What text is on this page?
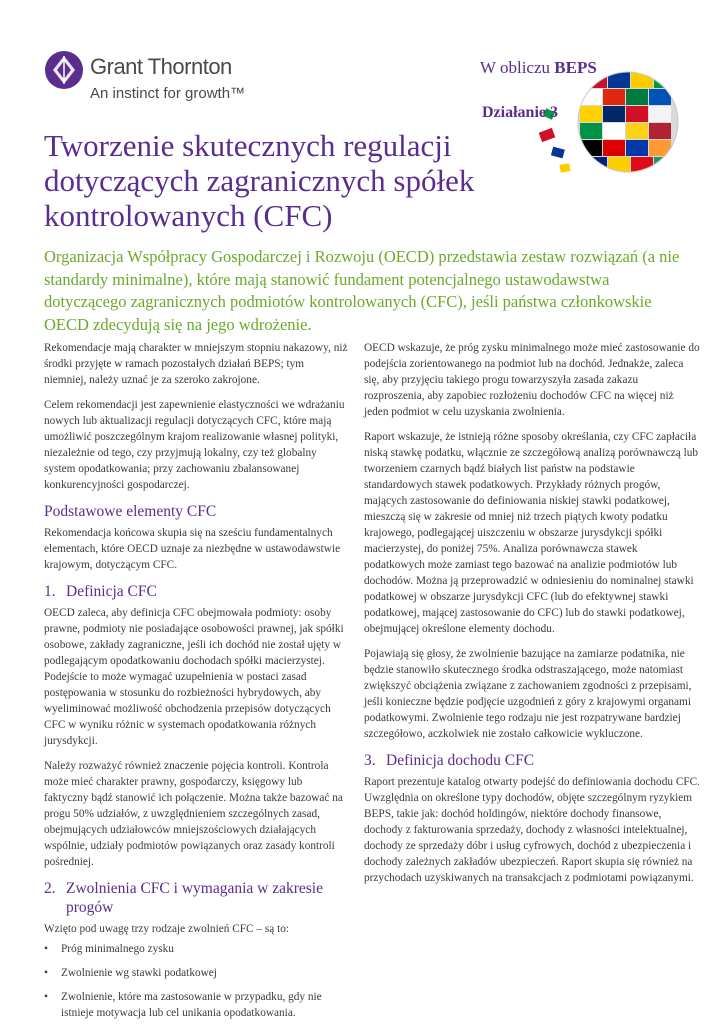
Grant Thornton
An instinct for growth™
W obliczu BEPS
Działanie 3
Tworzenie skutecznych regulacji dotyczących zagranicznych spółek kontrolowanych (CFC)

Organizacja Współpracy Gospodarczej i Rozwoju (OECD) przedstawia zestaw rozwiązań (a nie standardy minimalne), które mają stanowić fundament potencjalnego ustawodawstwa dotyczącego zagranicznych podmiotów kontrolowanych (CFC), jeśli państwa członkowskie OECD zdecydują się na jego wdrożenie.

Rekomendacje mają charakter w mniejszym stopniu nakazowy, niż środki przyjęte w ramach pozostałych działań BEPS; tym niemniej, należy uznać je za szeroko zakrojone.

Celem rekomendacji jest zapewnienie elastyczności we wdrażaniu nowych lub aktualizacji regulacji dotyczących CFC, które mają umożliwić poszczególnym krajom realizowanie własnej polityki, niezależnie od tego, czy przyjmują lokalny, czy też globalny system opodatkowania; przy zachowaniu zbalansowanej konkurencyjności gospodarczej.

Podstawowe elementy CFC

Rekomendacja końcowa skupia się na sześciu fundamentalnych elementach, które OECD uznaje za niezbędne w ustawodawstwie krajowym, dotyczącym CFC.

1. Definicja CFC

OECD zaleca, aby definicja CFC obejmowała podmioty: osoby prawne, podmioty nie posiadające osobowości prawnej, jak spółki osobowe, zakłady zagraniczne, jeśli ich dochód nie został ujęty w podlegającym opodatkowaniu dochodach spółki macierzystej. Podejście to może wymagać uzupełnienia w postaci zasad postępowania w stosunku do rozbieżności hybrydowych, aby wyeliminować możliwość obchodzenia przepisów dotyczących CFC w wyniku różnic w systemach opodatkowania różnych jurysdykcji.

Należy rozważyć również znaczenie pojęcia kontroli. Kontrola może mieć charakter prawny, gospodarczy, księgowy lub faktyczny bądź stanowić ich połączenie. Można także bazować na progu 50% udziałów, z uwzględnieniem szczególnych zasad, obejmujących udziałowców mniejszościowych działających wspólnie, udziały podmiotów powiązanych oraz zasady kontroli pośredniej.

2. Zwolnienia CFC i wymagania w zakresie progów

Wzięto pod uwagę trzy rodzaje zwolnień CFC – są to:

• Próg minimalnego zysku
• Zwolnienie wg stawki podatkowej
• Zwolnienie, które ma zastosowanie w przypadku, gdy nie istnieje motywacja lub cel unikania opodatkowania.

OECD wskazuje, że próg zysku minimalnego może mieć zastosowanie do podejścia zorientowanego na podmiot lub na dochód. Jednakże, zaleca się, aby przyjęciu takiego progu towarzyszyła zasada zakazu rozproszenia, aby zapobiec rozłożeniu dochodów CFC na więcej niż jeden podmiot w celu uzyskania zwolnienia.

Raport wskazuje, że istnieją różne sposoby określania, czy CFC zapłaciła niską stawkę podatku, włącznie ze szczegółową analizą porównawczą lub tworzeniem czarnych bądź białych list państw na podstawie standardowych stawek podatkowych. Przykłady różnych progów, mających zastosowanie do definiowania niskiej stawki podatkowej, mieszczą się w zakresie od mniej niż trzech piątych kwoty podatku krajowego, podlegającej uiszczeniu w obszarze jurysdykcji spółki macierzystej, do poniżej 75%. Analiza porównawcza stawek podatkowych może zamiast tego bazować na analizie podmiotów lub dochodów. Można ją przeprowadzić w odniesieniu do nominalnej stawki podatkowej w obszarze jurysdykcji CFC (lub do efektywnej stawki podatkowej, mającej zastosowanie do CFC) lub do stawki podatkowej, obejmującej określone elementy dochodu.

Pojawiają się głosy, że zwolnienie bazujące na zamiarze podatnika, nie będzie stanowiło skutecznego środka odstraszającego, może natomiast zwiększyć obciążenia związane z zachowaniem zgodności z przepisami, jeśli konieczne będzie podjęcie uzgodnień z góry z krajowymi organami podatkowymi. Zwolnienie tego rodzaju nie jest rozpatrywane bardziej szczegółowo, aczkolwiek nie zostało całkowicie wykluczone.

3. Definicja dochodu CFC

Raport prezentuje katalog otwarty podejść do definiowania dochodu CFC. Uwzględnia on określone typy dochodów, objęte szczególnym ryzykiem BEPS, takie jak: dochód holdingów, niektóre dochody finansowe, dochody z fakturowania sprzedaży, dochody z własności intelektualnej, dochody ze sprzedaży dóbr i usług cyfrowych, dochód z ubezpieczenia i dochody zależnych zakładów ubezpieczeń. Raport skupia się również na przychodach uzyskiwanych na transakcjach z podmiotami powiązanymi.
